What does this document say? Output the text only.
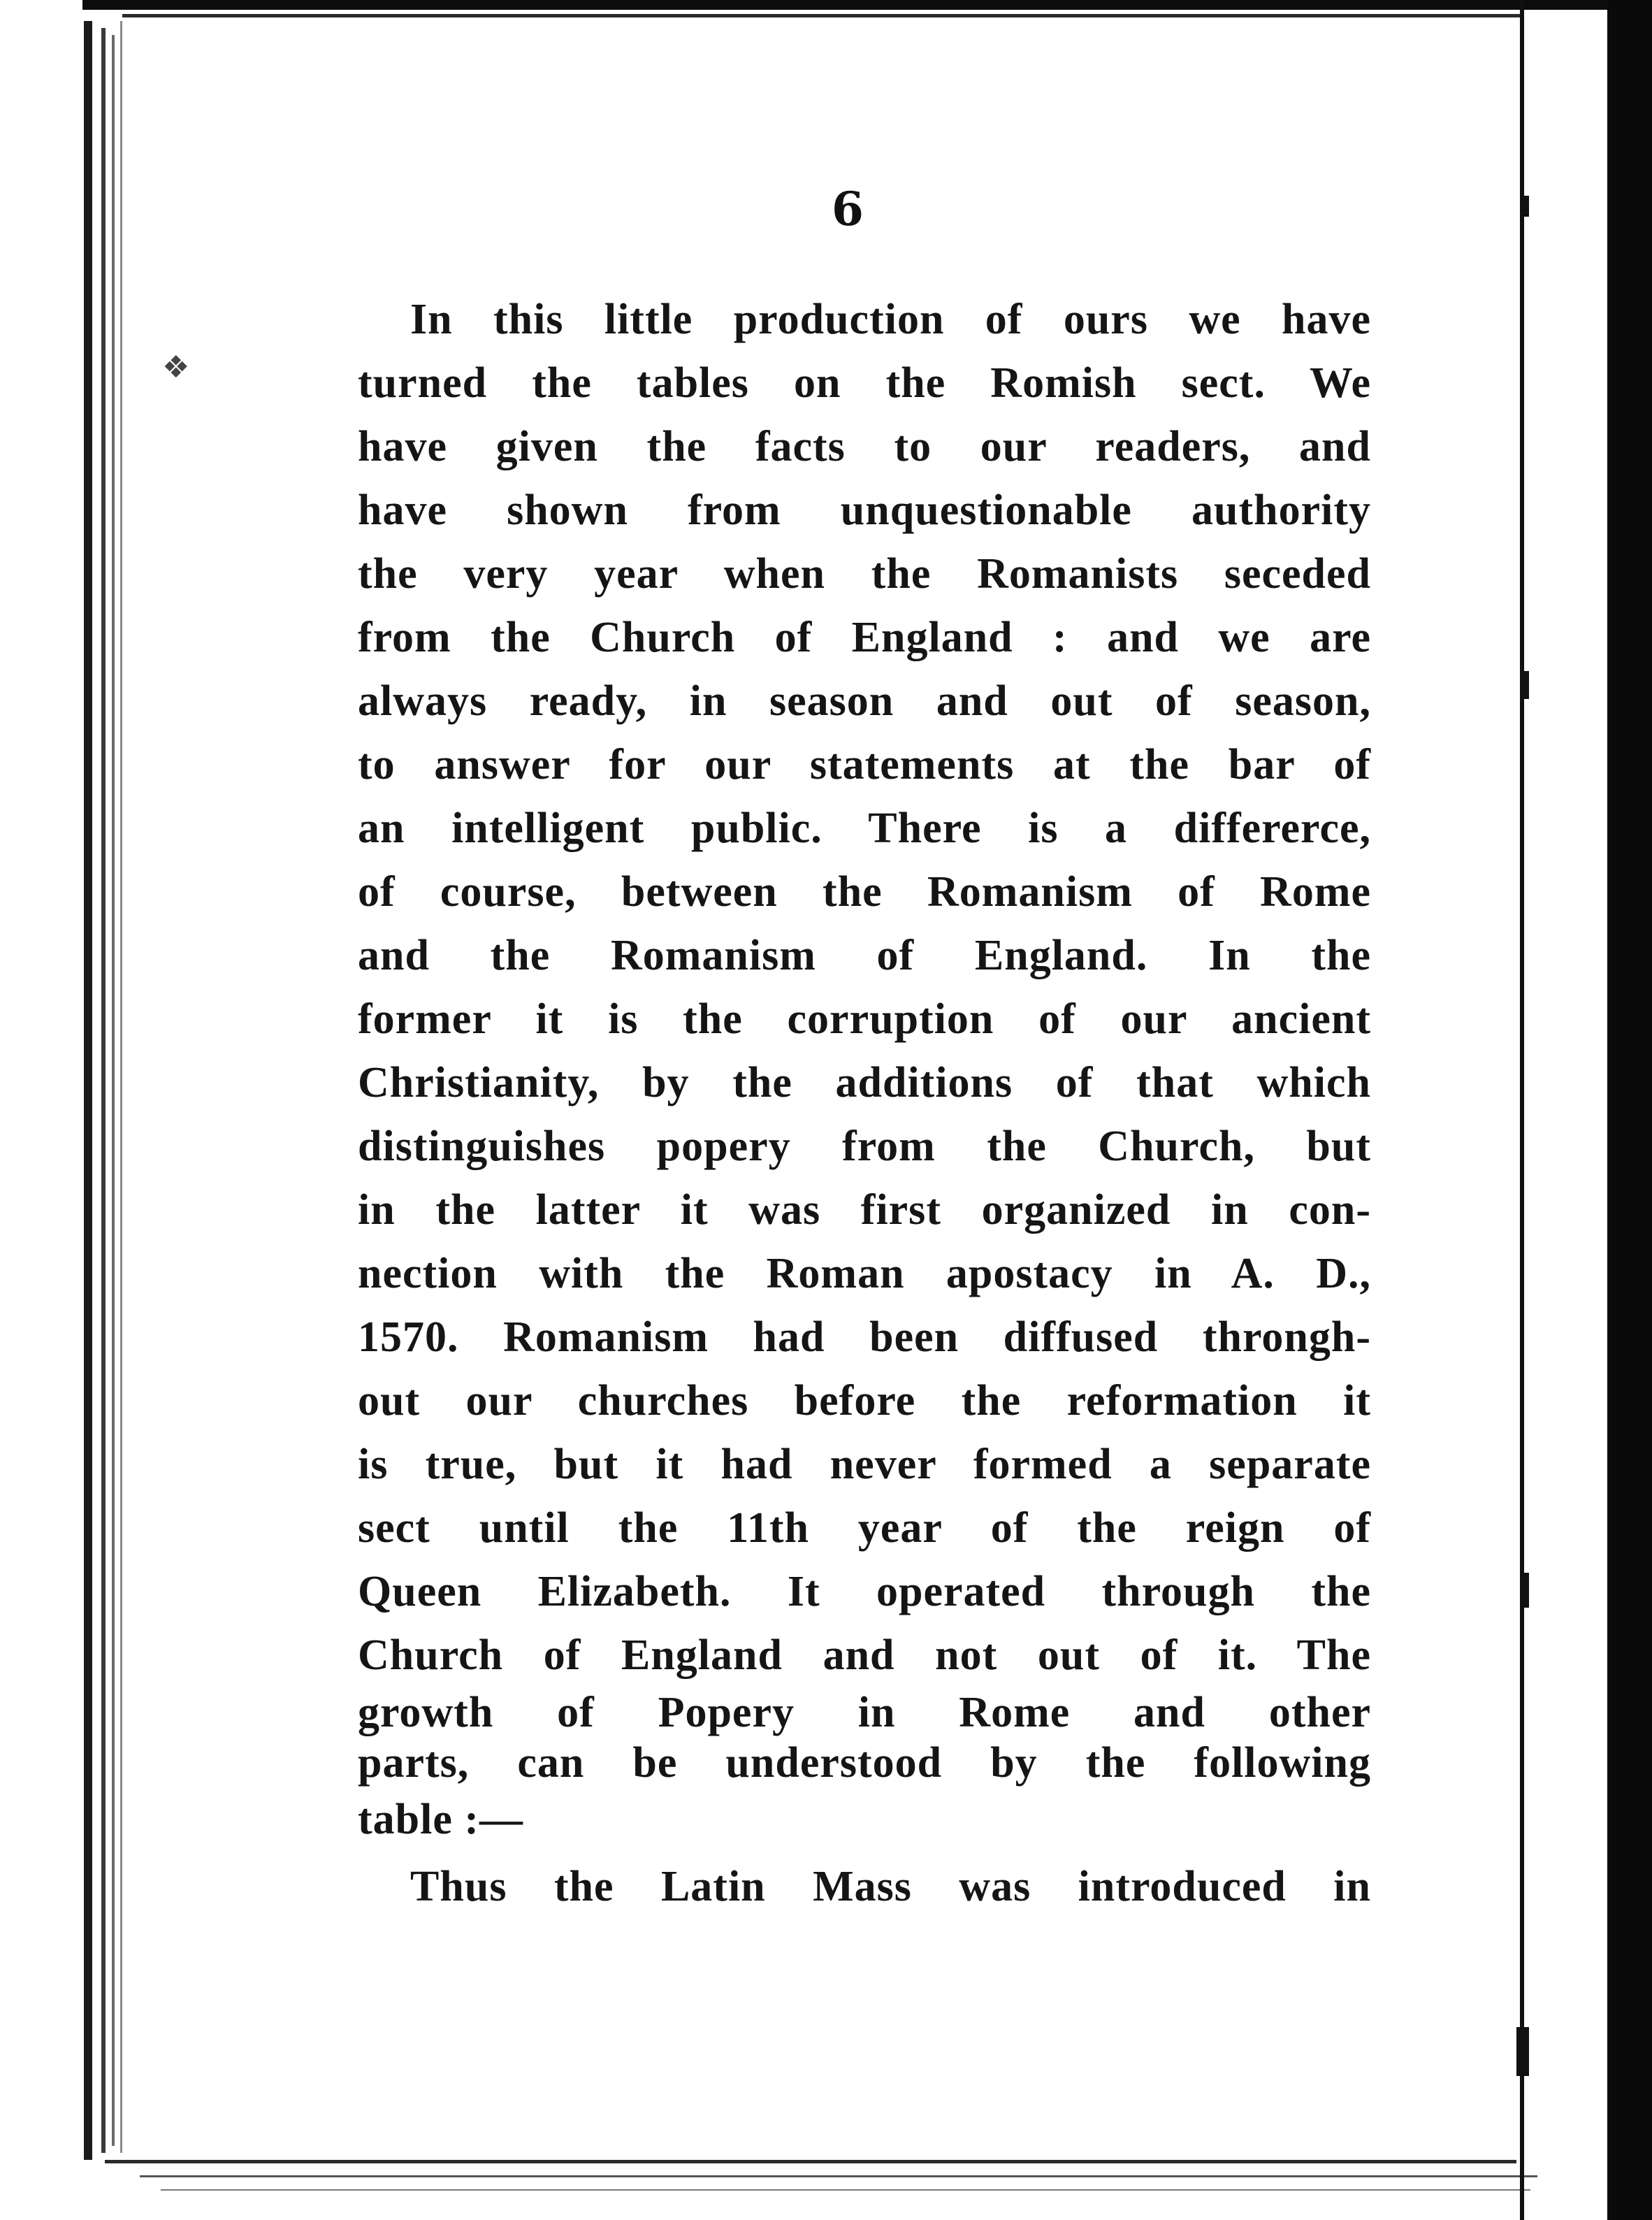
❖
6
In this little production of ours we have
turned the tables on the Romish sect. We
have given the facts to our readers, and
have shown from unquestionable authority
the very year when the Romanists seceded
from the Church of England : and we are
always ready, in season and out of season,
to answer for our statements at the bar of
an intelligent public. There is a differerce,
of course, between the Romanism of Rome
and the Romanism of England. In the
former it is the corruption of our ancient
Christianity, by the additions of that which
distinguishes popery from the Church, but
in the latter it was first organized in con-
nection with the Roman apostacy in A. D.,
1570. Romanism had been diffused throngh-
out our churches before the reformation it
is true, but it had never formed a separate
sect until the 11th year of the reign of
Queen Elizabeth. It operated through the
Church of England and not out of it. The
growth of Popery in Rome and other
parts, can be understood by the following
table :—
Thus the Latin Mass was introduced in
